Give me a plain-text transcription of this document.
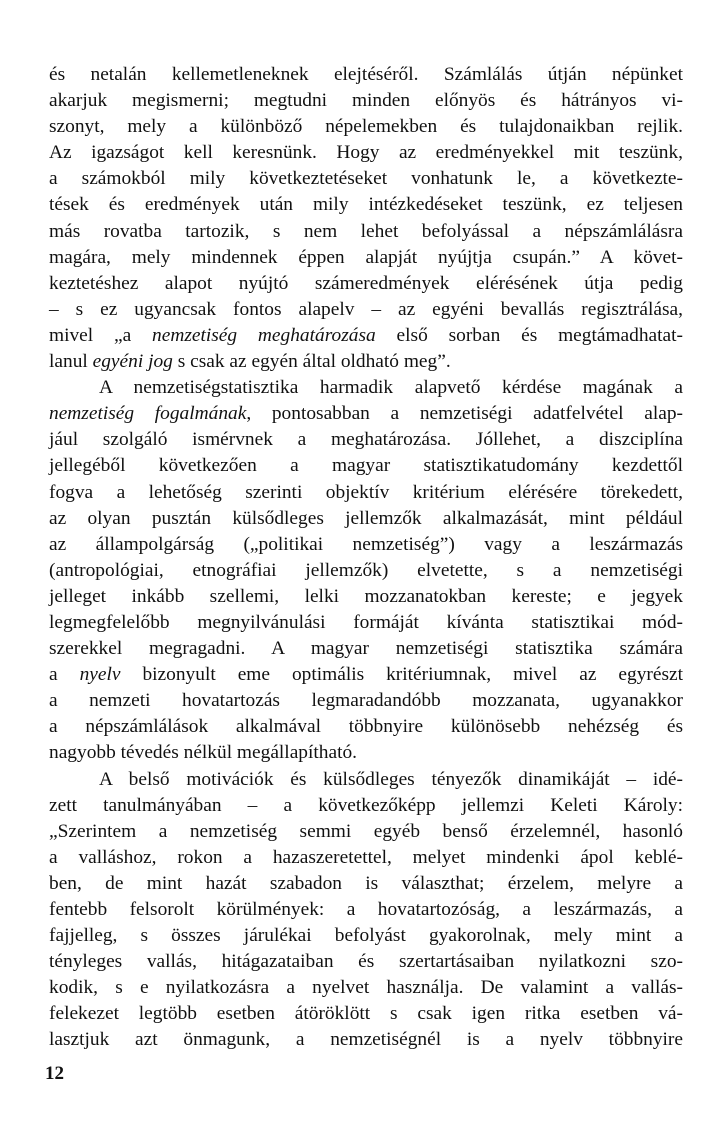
és netalán kellemetleneknek elejtéséről. Számlálás útján népünket
akarjuk megismerni; megtudni minden előnyös és hátrányos vi-
szonyt, mely a különböző népelemekben és tulajdonaikban rejlik.
Az igazságot kell keresnünk. Hogy az eredményekkel mit teszünk,
a számokból mily következtetéseket vonhatunk le, a következte-
tések és eredmények után mily intézkedéseket teszünk, ez teljesen
más rovatba tartozik, s nem lehet befolyással a népszámlálásra
magára, mely mindennek éppen alapját nyújtja csupán.” A követ-
keztetéshez alapot nyújtó számeredmények elérésének útja pedig
– s ez ugyancsak fontos alapelv – az egyéni bevallás regisztrálása,
mivel „a nemzetiség meghatározása első sorban és megtámadhatat-
lanul egyéni jog s csak az egyén által oldható meg”.
A nemzetiségstatisztika harmadik alapvető kérdése magának a
nemzetiség fogalmának, pontosabban a nemzetiségi adatfelvétel alap-
jául szolgáló ismérvnek a meghatározása. Jóllehet, a diszciplína
jellegéből következően a magyar statisztikatudomány kezdettől
fogva a lehetőség szerinti objektív kritérium elérésére törekedett,
az olyan pusztán külsődleges jellemzők alkalmazását, mint például
az állampolgárság („politikai nemzetiség”) vagy a leszármazás
(antropológiai, etnográfiai jellemzők) elvetette, s a nemzetiségi
jelleget inkább szellemi, lelki mozzanatokban kereste; e jegyek
legmegfelelőbb megnyilvánulási formáját kívánta statisztikai mód-
szerekkel megragadni. A magyar nemzetiségi statisztika számára
a nyelv bizonyult eme optimális kritériumnak, mivel az egyrészt
a nemzeti hovatartozás legmaradandóbb mozzanata, ugyanakkor
a népszámlálások alkalmával többnyire különösebb nehézség és
nagyobb tévedés nélkül megállapítható.
A belső motivációk és külsődleges tényezők dinamikáját – idé-
zett tanulmányában – a következőképp jellemzi Keleti Károly:
„Szerintem a nemzetiség semmi egyéb benső érzelemnél, hasonló
a valláshoz, rokon a hazaszeretettel, melyet mindenki ápol keblé-
ben, de mint hazát szabadon is választhat; érzelem, melyre a
fentebb felsorolt körülmények: a hovatartozóság, a leszármazás, a
fajjelleg, s összes járulékai befolyást gyakorolnak, mely mint a
tényleges vallás, hitágazataiban és szertartásaiban nyilatkozni szo-
kodik, s e nyilatkozásra a nyelvet használja. De valamint a vallás-
felekezet legtöbb esetben átöröklött s csak igen ritka esetben vá-
lasztjuk azt önmagunk, a nemzetiségnél is a nyelv többnyire
12
